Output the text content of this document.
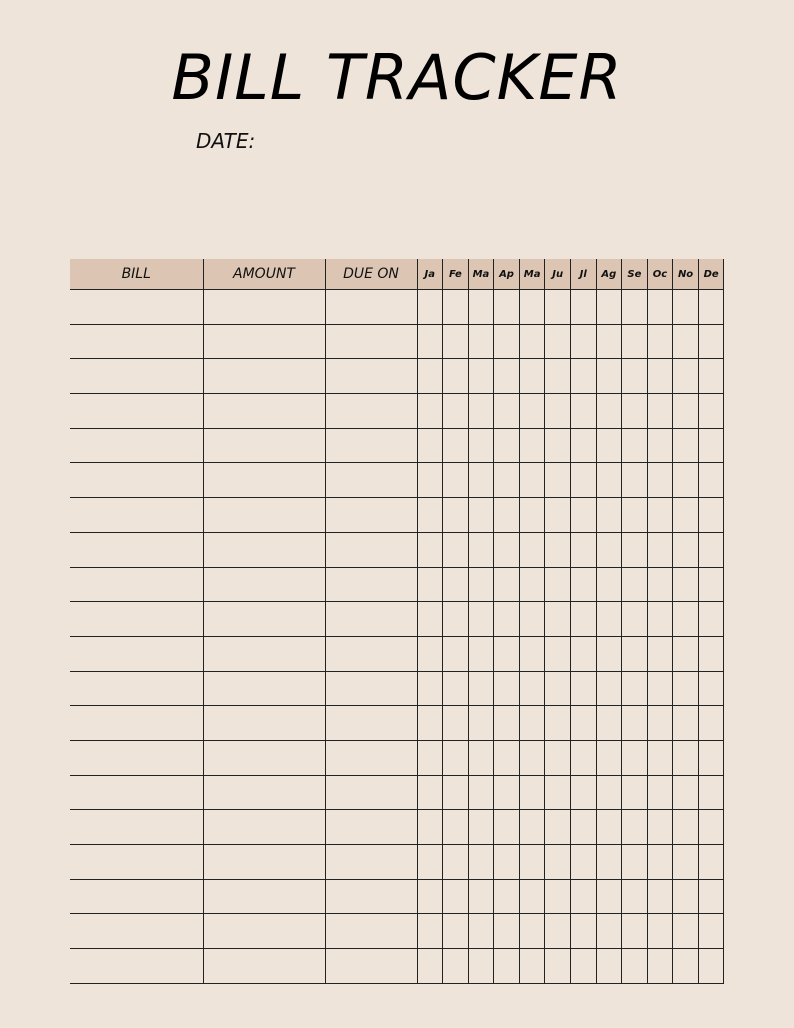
BILL TRACKER
DATE:
BILL	AMOUNT	DUE ON	Ja	Fe	Ma	Ap	Ma	Ju	Jl	Ag	Se	Oc	No	De
